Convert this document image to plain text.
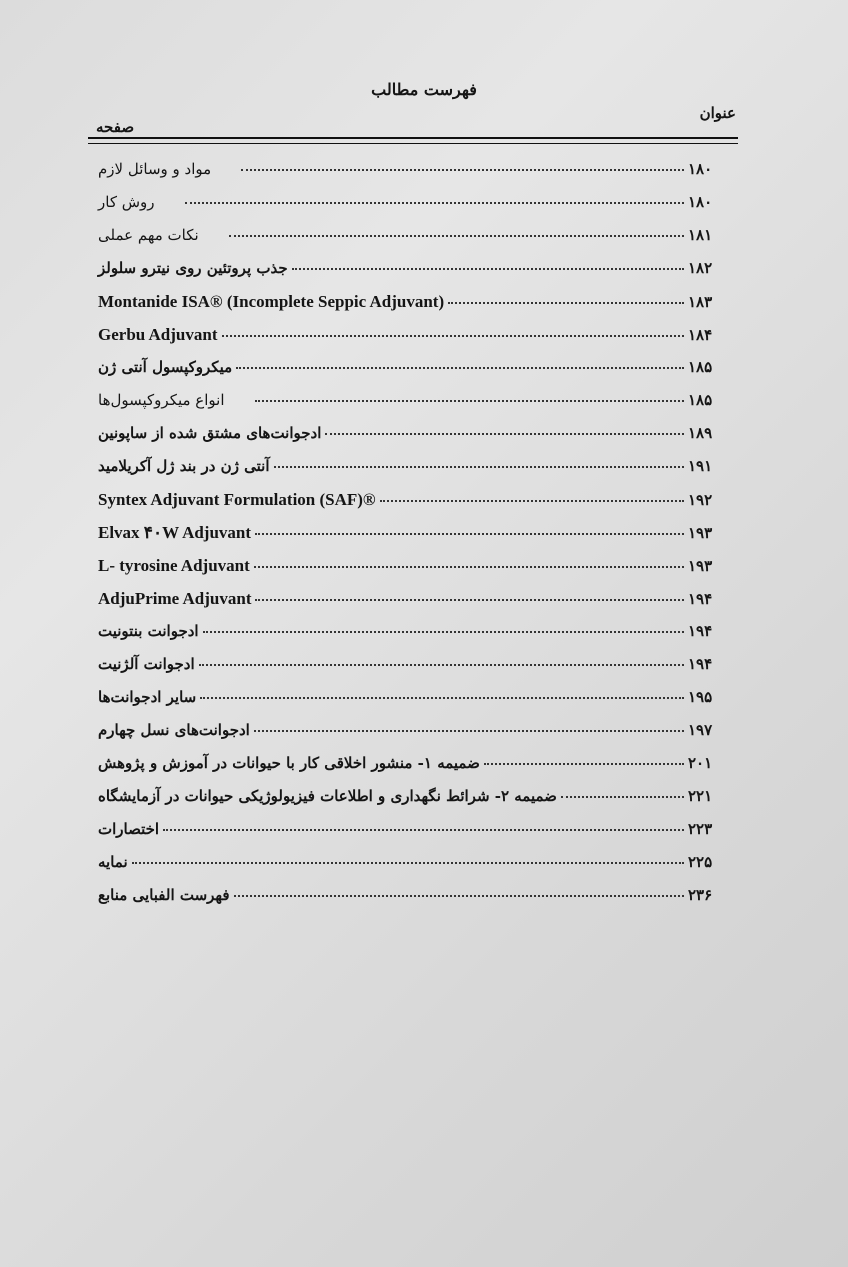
فهرست مطالب
عنوان
صفحه
مواد و وسائل لازم	۱۸۰
روش کار	۱۸۰
نکات مهم عملی	۱۸۱
جذب پروتئین روی نیترو سلولز	۱۸۲
Montanide ISA® (Incomplete Seppic Adjuvant)	۱۸۳
Gerbu Adjuvant	۱۸۴
میکروکپسول آنتی ژن	۱۸۵
انواع میکروکپسول‌ها	۱۸۵
ادجوانت‌های مشتق شده از ساپونین	۱۸۹
آنتی ژن در بند ژل آکریلامید	۱۹۱
Syntex Adjuvant Formulation (SAF)®	۱۹۲
Elvax ۴۰W Adjuvant	۱۹۳
L- tyrosine Adjuvant	۱۹۳
AdjuPrime Adjuvant	۱۹۴
ادجوانت بنتونیت	۱۹۴
ادجوانت آلژنیت	۱۹۴
سایر ادجوانت‌ها	۱۹۵
ادجوانت‌های نسل چهارم	۱۹۷
ضمیمه ۱- منشور اخلاقی کار با حیوانات در آموزش و پژوهش	۲۰۱
ضمیمه ۲- شرائط نگهداری و اطلاعات فیزیولوژیکی حیوانات در آزمایشگاه	۲۲۱
اختصارات	۲۲۳
نمایه	۲۲۵
فهرست الفبایی منابع	۲۳۶
